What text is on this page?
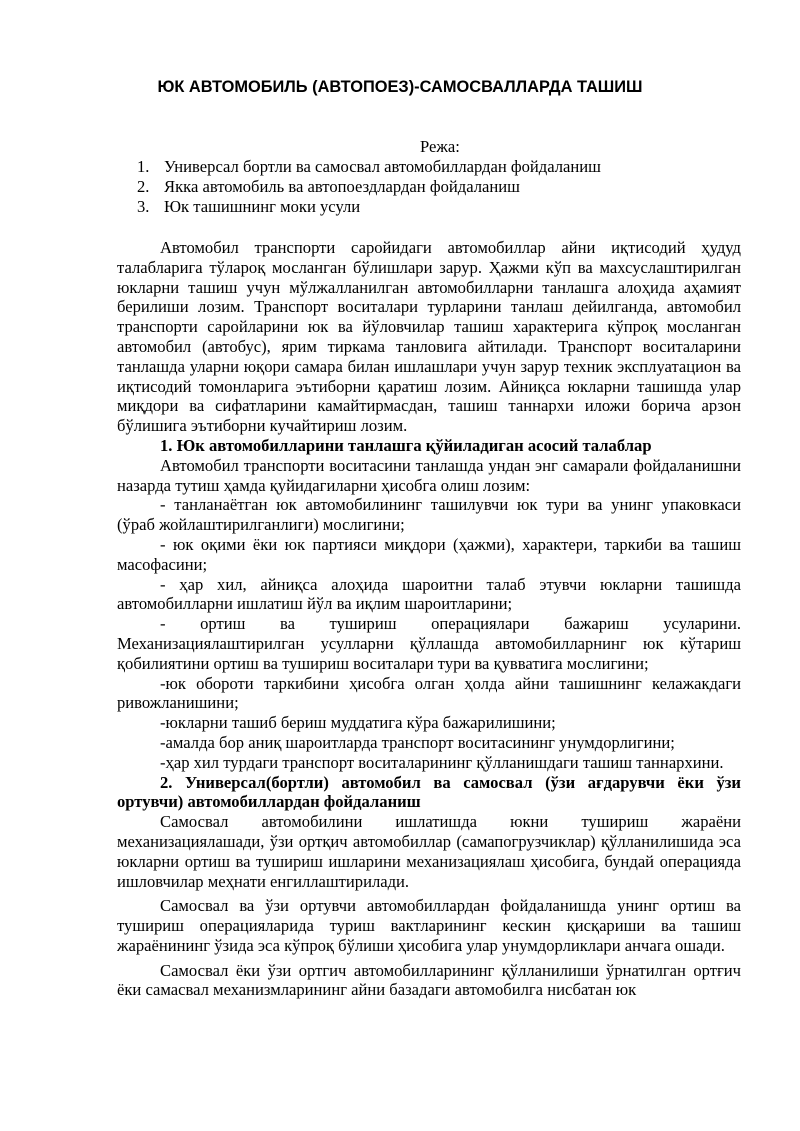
ЮК АВТОМОБИЛЬ (АВТОПОЕЗ)-САМОСВАЛЛАРДА ТАШИШ

Режа:

1. Универсал бортли ва самосвал автомобиллардан фойдаланиш
2. Якка автомобиль ва автопоездлардан фойдаланиш
3. Юк ташишнинг моки усули

Автомобил транспорти саройидаги автомобиллар айни иқтисодий ҳудуд талабларига тўлароқ мосланган бўлишлари зарур. Ҳажми кўп ва махсуслаштирилган юкларни ташиш учун мўлжалланилган автомобилларни танлашга алоҳида аҳамият берилиши лозим. Транспорт воситалари турларини танлаш дейилганда, автомобил транспорти саройларини юк ва йўловчилар ташиш характерига кўпроқ мосланган автомобил (автобус), ярим тиркама танловига айтилади. Транспорт воситаларини танлашда уларни юқори самара билан ишлашлари учун зарур техник эксплуатацион ва иқтисодий томонларига эътиборни қаратиш лозим. Айниқса юкларни ташишда улар миқдори ва сифатларини камайтирмасдан, ташиш таннархи иложи борича арзон бўлишига эътиборни кучайтириш лозим.

1. Юк автомобилларини танлашга қўйиладиган асосий талаблар

Автомобил транспорти воситасини танлашда ундан энг самарали фойдаланишни назарда тутиш ҳамда қуйидагиларни ҳисобга олиш лозим:

- танланаётган юк автомобилининг ташилувчи юк тури ва унинг упаковкаси (ўраб жойлаштирилганлиги) мослигини;

- юк оқими ёки юк партияси миқдори (ҳажми), характери, таркиби ва ташиш масофасини;

- ҳар хил, айниқса алоҳида шароитни талаб этувчи юкларни ташишда автомобилларни ишлатиш йўл ва иқлим шароитларини;

- ортиш ва тушириш операциялари бажариш усуларини. Механизациялаштирилган усулларни қўллашда автомобилларнинг юк кўтариш қобилиятини ортиш ва тушириш воситалари тури ва қувватига мослигини;

-юк обороти таркибини ҳисобга олган ҳолда айни ташишнинг келажакдаги ривожланишини;

-юкларни ташиб бериш муддатига кўра бажарилишини;

-амалда бор аниқ шароитларда транспорт воситасининг унумдорлигини;

-ҳар хил турдаги транспорт воситаларининг қўлланишдаги ташиш таннархини.

2. Универсал(бортли) автомобил ва самосвал (ўзи ағдарувчи ёки ўзи ортувчи) автомобиллардан фойдаланиш

Самосвал автомобилини ишлатишда юкни тушириш жараёни механизациялашади, ўзи ортқич автомобиллар (самапогрузчиклар) қўлланилишида эса юкларни ортиш ва тушириш ишларини механизациялаш ҳисобига, бундай операцияда ишловчилар меҳнати енгиллаштирилади.

Самосвал ва ўзи ортувчи автомобиллардан фойдаланишда унинг ортиш ва тушириш операцияларида туриш вактларининг кескин қисқариши ва ташиш жараёнининг ўзида эса кўпроқ бўлиши ҳисобига улар унумдорликлари анчага ошади.

Самосвал ёки ўзи ортгич автомобилларининг қўлланилиши ўрнатилган ортғич ёки самасвал механизмларининг айни базадаги автомобилга нисбатан юк
